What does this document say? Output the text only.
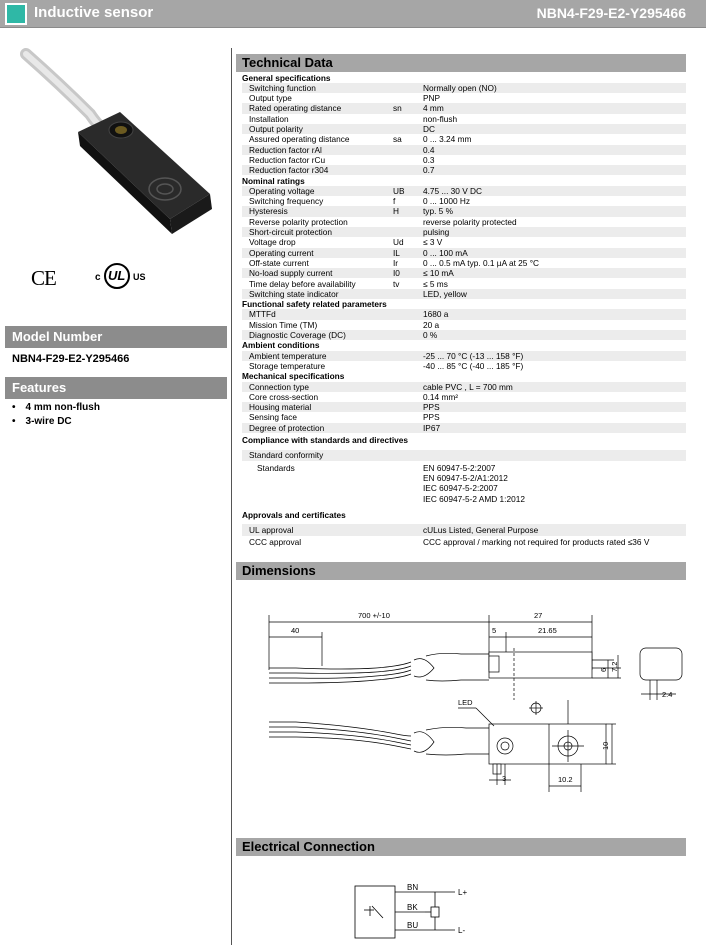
Inductive sensor	NBN4-F29-E2-Y295466
CE	c UL US
Model Number
NBN4-F29-E2-Y295466
Features
• 4 mm non-flush
• 3-wire DC
Technical Data
General specifications
Switching function	Normally open (NO)
Output type	PNP
Rated operating distance	sn	4 mm
Installation	non-flush
Output polarity	DC
Assured operating distance	sa	0 ... 3.24 mm
Reduction factor rAl	0.4
Reduction factor rCu	0.3
Reduction factor r304	0.7
Nominal ratings
Operating voltage	UB 4.75 ... 30 V DC
Switching frequency	f	0 ... 1000 Hz
Hysteresis	H	typ. 5 %
Reverse polarity protection	reverse polarity protected
Short-circuit protection	pulsing
Voltage drop	Ud ≤ 3 V
Operating current	IL	0 ... 100 mA
Off-state current	Ir	0 ... 0.5 mA typ. 0.1 µA at 25 °C
No-load supply current	I0	≤ 10 mA
Time delay before availability	tv	≤ 5 ms
Switching state indicator	LED, yellow
Functional safety related parameters
MTTFd	1680 a
Mission Time (TM)	20 a
Diagnostic Coverage (DC)	0 %
Ambient conditions
Ambient temperature	-25 ... 70 °C (-13 ... 158 °F)
Storage temperature	-40 ... 85 °C (-40 ... 185 °F)
Mechanical specifications
Connection type	cable PVC , L = 700 mm
Core cross-section	0.14 mm²
Housing material	PPS
Sensing face	PPS
Degree of protection	IP67
Compliance with standards and directives
Standard conformity
Standards	EN 60947-5-2:2007
EN 60947-5-2/A1:2012
IEC 60947-5-2:2007
IEC 60947-5-2 AMD 1:2012
Approvals and certificates
UL approval	cULus Listed, General Purpose
CCC approval	CCC approval / marking not required for products rated ≤36 V
Dimensions
700 +/-10
40
27
5	21.65
6 7.2
2.4
10
3	10.2
LED
Electrical Connection
BN
BK
BU
L+
L-
